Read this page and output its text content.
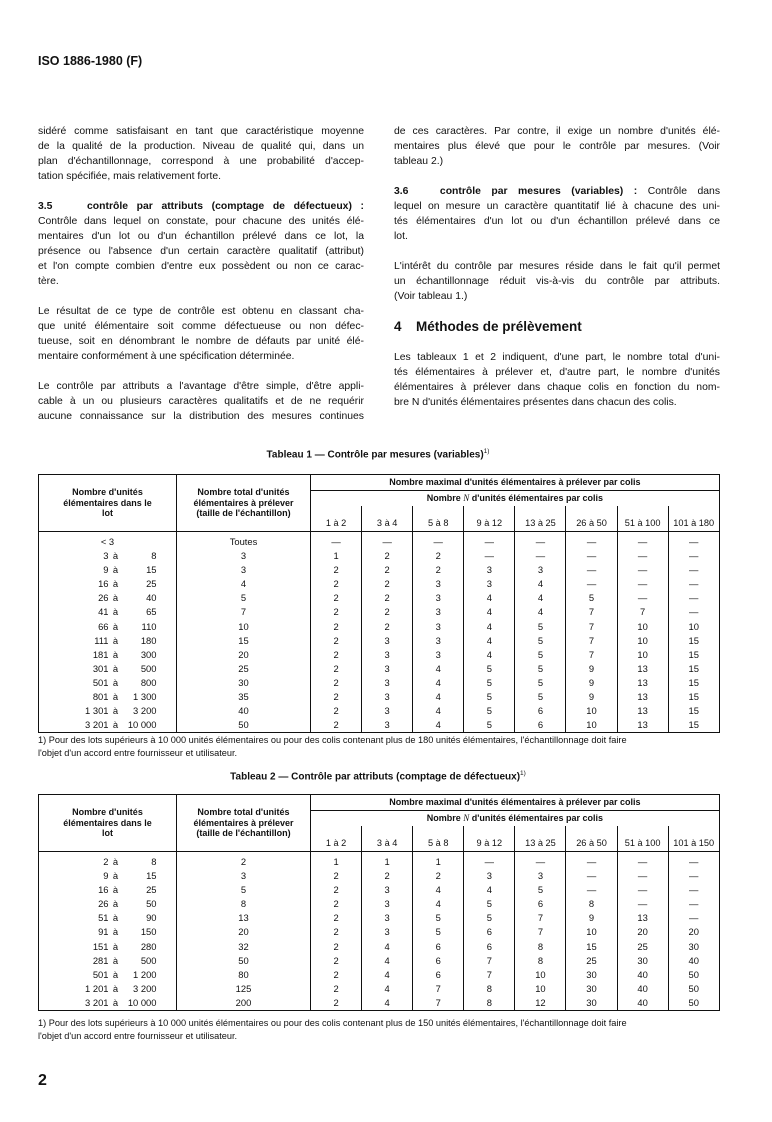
ISO 1886-1980 (F)
sidéré comme satisfaisant en tant que caractéristique moyenne
de la qualité de la production. Niveau de qualité qui, dans un
plan d'échantillonnage, correspond à une probabilité d'accep-
tation spécifiée, mais relativement forte.
3.5	contrôle par attributs (comptage de défectueux) :
Contrôle dans lequel on constate, pour chacune des unités élé-
mentaires d'un lot ou d'un échantillon prélevé dans ce lot, la
présence ou l'absence d'un certain caractère qualitatif (attribut)
et l'on compte combien d'entre eux possèdent ou non ce carac-
tère.
Le résultat de ce type de contrôle est obtenu en classant cha-
que unité élémentaire soit comme défectueuse ou non défec-
tueuse, soit en dénombrant le nombre de défauts par unité élé-
mentaire conformément à une spécification déterminée.
Le contrôle par attributs a l'avantage d'être simple, d'être appli-
cable à un ou plusieurs caractères qualitatifs et de ne requérir
aucune connaissance sur la distribution des mesures continues
de ces caractères. Par contre, il exige un nombre d'unités élé-
mentaires plus élevé que pour le contrôle par mesures. (Voir
tableau 2.)
3.6	contrôle par mesures (variables) : Contrôle dans
lequel on mesure un caractère quantitatif lié à chacune des uni-
tés élémentaires d'un lot ou d'un échantillon prélevé dans ce
lot.
L'intérêt du contrôle par mesures réside dans le fait qu'il permet
un échantillonnage réduit vis-à-vis du contrôle par attributs.
(Voir tableau 1.)
4 Méthodes de prélèvement
Les tableaux 1 et 2 indiquent, d'une part, le nombre total d'uni-
tés élémentaires à prélever et, d'autre part, le nombre d'unités
élémentaires à prélever dans chaque colis en fonction du nom-
bre N d'unités élémentaires présentes dans chacun des colis.
Tableau 1 — Contrôle par mesures (variables)$^{1)}$
Nombre d'unités élémentaires dans le lot	Nombre total d'unités élémentaires à prélever (taille de l'échantillon)	Nombre maximal d'unités élémentaires à prélever par colis							
		Nombre N d'unités élémentaires par colis							
		1 à 2	3 à 4	5 à 8	9 à 12	13 à 25	26 à 50	51 à 100	101 à 180
< 3	Toutes	—	—	—	—	—	—	—	—
3 à 8	3	1	2	2	—	—	—	—	—
9 à 15	3	2	2	2	3	3	—	—	—
16 à 25	4	2	2	3	3	4	—	—	—
26 à 40	5	2	2	3	4	4	5	—	—
41 à 65	7	2	2	3	4	4	7	7	—
66 à 110	10	2	2	3	4	5	7	10	10
111 à 180	15	2	3	3	4	5	7	10	15
181 à 300	20	2	3	3	4	5	7	10	15
301 à 500	25	2	3	4	5	5	9	13	15
501 à 800	30	2	3	4	5	5	9	13	15
801 à 1 300	35	2	3	4	5	5	9	13	15
1 301 à 3 200	40	2	3	4	5	6	10	13	15
3 201 à 10 000	50	2	3	4	5	6	10	13	15
1) Pour des lots supérieurs à 10 000 unités élémentaires ou pour des colis contenant plus de 180 unités élémentaires, l'échantillonnage doit faire
l'objet d'un accord entre fournisseur et utilisateur.
Tableau 2 — Contrôle par attributs (comptage de défectueux)$^{1)}$
Nombre d'unités élémentaires dans le lot	Nombre total d'unités élémentaires à prélever (taille de l'échantillon)	Nombre maximal d'unités élémentaires à prélever par colis							
		Nombre N d'unités élémentaires par colis							
		1 à 2	3 à 4	5 à 8	9 à 12	13 à 25	26 à 50	51 à 100	101 à 150
2 à 8	2	1	1	1	—	—	—	—	—
9 à 15	3	2	2	2	3	3	—	—	—
16 à 25	5	2	3	4	4	5	—	—	—
26 à 50	8	2	3	4	5	6	8	—	—
51 à 90	13	2	3	5	5	7	9	13	—
91 à 150	20	2	3	5	6	7	10	20	20
151 à 280	32	2	4	6	6	8	15	25	30
281 à 500	50	2	4	6	7	8	25	30	40
501 à 1 200	80	2	4	6	7	10	30	40	50
1 201 à 3 200	125	2	4	7	8	10	30	40	50
3 201 à 10 000	200	2	4	7	8	12	30	40	50
1) Pour des lots supérieurs à 10 000 unités élémentaires ou pour des colis contenant plus de 150 unités élémentaires, l'échantillonnage doit faire
l'objet d'un accord entre fournisseur et utilisateur.
2
